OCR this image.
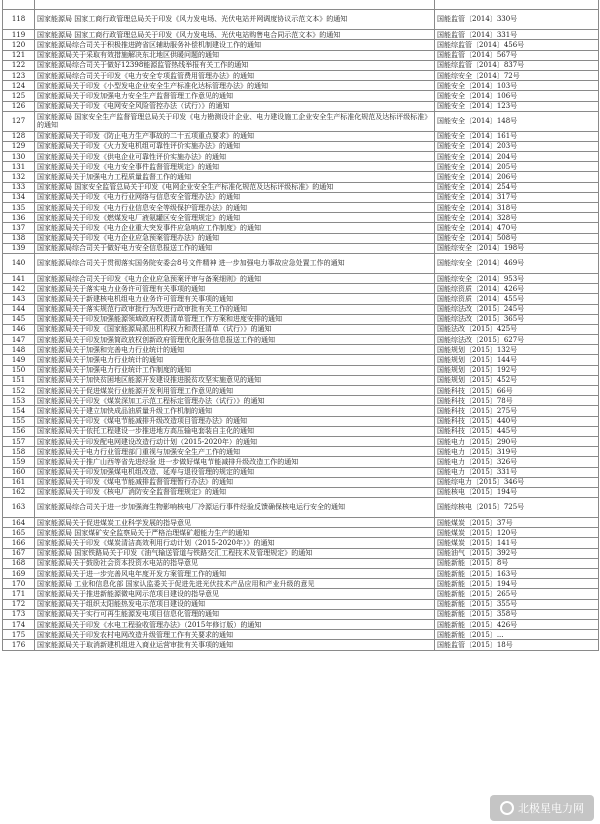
118	国家能源局 国家工商行政管理总局关于印发《风力发电场、光伏电站并网调度协议示范文本》的通知	国能监管〔2014〕330号
119	国家能源局 国家工商行政管理总局关于印发《风力发电场、光伏电站购售电合同示范文本》的通知	国能监管〔2014〕331号
120	国家能源局综合司关于积极推进跨省区辅助服务补偿机制建设工作的通知	国能综监管〔2014〕456号
121	国家能源局关于采取有效措施解决东北地区供暖问题的通知	国能监管〔2014〕567号
122	国家能源局综合司关于做好12398能源监管热线举报有关工作的通知	国能综监管〔2014〕837号
123	国家能源局综合司关于印发《电力安全专项监管费用管理办法》的通知	国能综安全〔2014〕72号
124	国家能源局关于印发《小型发电企业安全生产标准化达标管理办法》的通知	国能安全〔2014〕103号
125	国家能源局关于印发加强电力安全生产监督管理工作意见的通知	国能安全〔2014〕106号
126	国家能源局关于印发《电网安全风险管控办法（试行）》的通知	国能安全〔2014〕123号
127	国家能源局 国家安全生产监督管理总局关于印发《电力勘测设计企业、电力建设施工企业安全生产标准化规范及达标评级标准》的通知	国能安全〔2014〕148号
128	国家能源局关于印发《防止电力生产事故的二十五项重点要求》的通知	国能安全〔2014〕161号
129	国家能源局关于印发《火力发电机组可靠性评价实施办法》的通知	国能安全〔2014〕203号
130	国家能源局关于印发《供电企业可靠性评价实施办法》的通知	国能安全〔2014〕204号
131	国家能源局关于印发《电力安全事件监督管理规定》的通知	国能安全〔2014〕205号
132	国家能源局关于加强电力工程质量监督工作的通知	国能安全〔2014〕206号
133	国家能源局 国家安全监管总局关于印发《电网企业安全生产标准化规范及达标评级标准》的通知	国能安全〔2014〕254号
134	国家能源局关于印发《电力行业网络与信息安全管理办法》的通知	国能安全〔2014〕317号
135	国家能源局关于印发《电力行业信息安全等级保护管理办法》的通知	国能安全〔2014〕318号
136	国家能源局关于印发《燃煤发电厂液氨罐区安全管理规定》的通知	国能安全〔2014〕328号
137	国家能源局关于印发《电力企业重大突发事件应急响应工作制度》的通知	国能安全〔2014〕470号
138	国家能源局关于印发《电力企业应急预案管理办法》的通知	国能安全〔2014〕508号
139	国家能源局综合司关于做好电力安全信息报送工作的通知	国能综安全〔2014〕198号
140	国家能源局综合司关于贯彻落实国务院安委会8号文件精神 进一步加强电力事故应急处置工作的通知	国能综安全〔2014〕469号
141	国家能源局综合司关于印发《电力企业应急预案评审与备案细则》的通知	国能综安全〔2014〕953号
142	国家能源局关于落实电力业务许可管理有关事项的通知	国能综资质〔2014〕426号
143	国家能源局关于新建核电机组电力业务许可管理有关事项的通知	国能综资质〔2014〕455号
144	国家能源局关于落实规范行政审批行为改进行政审批有关工作的通知	国能综法改〔2015〕245号
145	国家能源局关于印发加强能源领域政府权责清单管理工作方案和进度安排的通知	国能综法改〔2015〕365号
146	国家能源局关于印发《国家能源局派出机构权力和责任清单（试行）》的通知	国能法改〔2015〕425号
147	国家能源局关于印发加强简政放权创新政府管理优化服务信息报送工作的通知	国能综法改〔2015〕627号
148	国家能源局关于加强和完善电力行业统计的通知	国能规划〔2015〕132号
149	国家能源局关于加强电力行业统计的通知	国能规划〔2015〕144号
150	国家能源局关于加强电力行业统计工作制度的通知	国能规划〔2015〕192号
151	国家能源局关于加快贫困地区能源开发建设推进脱贫攻坚实施意见的通知	国能规划〔2015〕452号
152	国家能源局关于促进煤炭行业能源开发利用管理工作意见的通知	国能科技〔2015〕66号
153	国家能源局关于印发《煤炭深加工示范工程标定管理办法（试行）》的通知	国能科技〔2015〕78号
154	国家能源局关于建立加快成品油质量升级工作机制的通知	国能科技〔2015〕275号
155	国家能源局关于印发《煤电节能减排升级改造项目管理办法》的通知	国能科技〔2015〕440号
156	国家能源局关于依托工程建设一步推进地方高压输电套装自主化的通知	国能科技〔2015〕445号
157	国家能源局关于印发配电网建设改造行动计划（2015-2020年）的通知	国能电力〔2015〕290号
158	国家能源局关于电力行业管理部门重视与加强安全生产工作的通知	国能电力〔2015〕319号
159	国家能源局关于推广山西等省先进经验 进一步做好煤电节能减排升级改造工作的通知	国能电力〔2015〕326号
160	国家能源局关于印发加强煤电机组改造、延寿与退役管理的规定的通知	国能电力〔2015〕331号
161	国家能源局关于印发《煤电节能减排监督管理暂行办法》的通知	国能综电力〔2015〕346号
162	国家能源局关于印发《核电厂消防安全监督管理规定》的通知	国能核电〔2015〕194号
163	国家能源局综合司关于进一步加强海生物影响核电厂冷源运行事件经验反馈确保核电运行安全的通知	国能综核电〔2015〕725号
164	国家能源局关于促进煤炭工业科学发展的指导意见	国能煤炭〔2015〕37号
165	国家能源局 国家煤矿安全监察局关于严格治理煤矿超能力生产的通知	国能煤炭〔2015〕120号
166	国家能源局关于印发《煤炭清洁高效利用行动计划（2015-2020年）》的通知	国能煤炭〔2015〕141号
167	国家能源局 国家铁路局关于印发《油气输送管道与铁路交汇工程技术及管理规定》的通知	国能油气〔2015〕392号
168	国家能源局关于鼓励社会资本投资水电站的指导意见	国能新能〔2015〕8号
169	国家能源局关于进一步完善风电年度开发方案管理工作的通知	国能新能〔2015〕163号
170	国家能源局 工业和信息化部 国家认监委关于促进先进光伏技术产品应用和产业升级的意见	国能新能〔2015〕194号
171	国家能源局关于推进新能源微电网示范项目建设的指导意见	国能新能〔2015〕265号
172	国家能源局关于组织太阳能热发电示范项目建设的通知	国能新能〔2015〕355号
173	国家能源局关于实行可再生能源发电项目信息化管理的通知	国能新能〔2015〕358号
174	国家能源局关于印发《水电工程验收管理办法》（2015年修订版）的通知	国能新能〔2015〕426号
175	国家能源局关于印发农村电网改造升级管理工作有关要求的通知	国能新能〔2015〕...
176	国家能源局关于取消新建机组进入商业运营审批有关事项的通知	国能监管〔2015〕18号
北极星电力网
